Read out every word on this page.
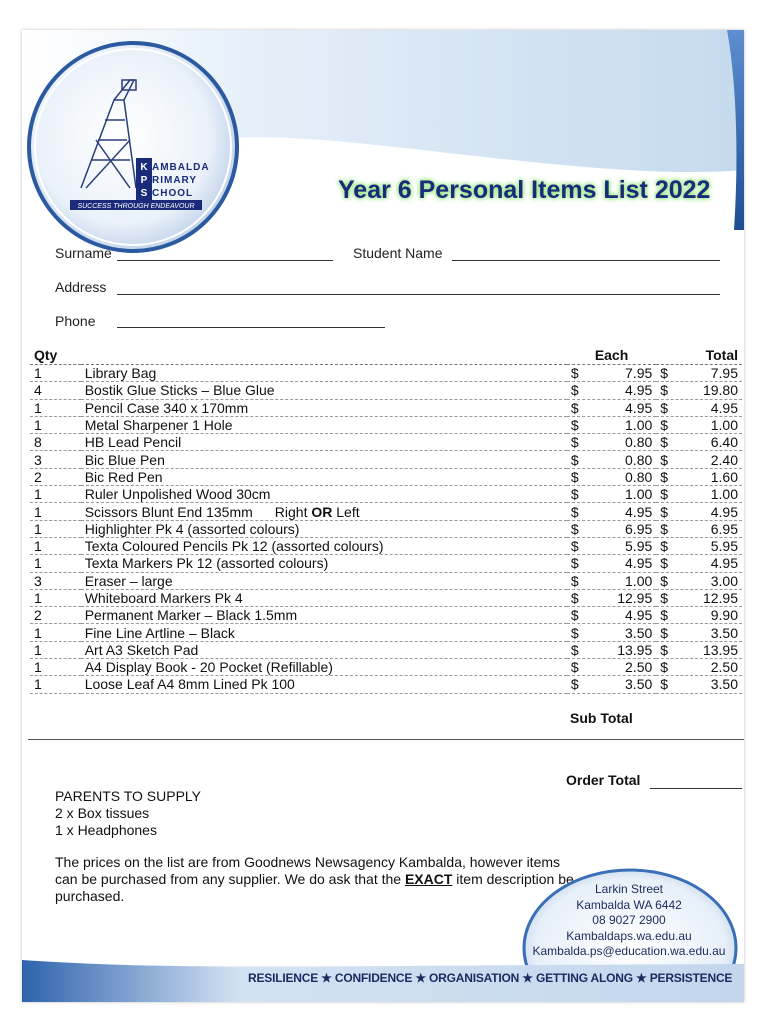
K
P
S
AMBALDA
RIMARY
CHOOL
SUCCESS THROUGH ENDEAVOUR
Year 6 Personal Items List 2022
Surname	Student Name
Address
Phone
Qty		Each	Total
1	Library Bag	$ 7.95	$ 7.95

4	Bostik Glue Sticks – Blue Glue	$ 4.95	$ 19.80

1	Pencil Case 340 x 170mm	$ 4.95	$ 4.95

1	Metal Sharpener 1 Hole	$ 1.00	$ 1.00

8	HB Lead Pencil	$ 0.80	$ 6.40

3	Bic Blue Pen	$ 0.80	$ 2.40

2	Bic Red Pen	$ 0.80	$ 1.60

1	Ruler Unpolished Wood 30cm	$ 1.00	$ 1.00

1	Scissors Blunt End 135mm Right OR Left	$ 4.95	$ 4.95

1	Highlighter Pk 4 (assorted colours)	$ 6.95	$ 6.95

1	Texta Coloured Pencils Pk 12 (assorted colours)	$ 5.95	$ 5.95

1	Texta Markers Pk 12 (assorted colours)	$ 4.95	$ 4.95

3	Eraser – large	$ 1.00	$ 3.00

1	Whiteboard Markers Pk 4	$ 12.95	$ 12.95

2	Permanent Marker – Black 1.5mm	$ 4.95	$ 9.90

1	Fine Line Artline – Black	$ 3.50	$ 3.50

1	Art A3 Sketch Pad	$ 13.95	$ 13.95

1	A4 Display Book - 20 Pocket (Refillable)	$ 2.50	$ 2.50

1	Loose Leaf A4 8mm Lined Pk 100	$ 3.50	$ 3.50
Sub Total
Order Total
PARENTS TO SUPPLY
2 x Box tissues
1 x Headphones
The prices on the list are from Goodnews Newsagency Kambalda, however items can be purchased from any supplier. We do ask that the EXACT item description be purchased.	Larkin Street
Kambalda WA 6442
08 9027 2900
Kambaldaps.wa.edu.au
Kambalda.ps@education.wa.edu.au
RESILIENCE ★ CONFIDENCE ★ ORGANISATION ★ GETTING ALONG ★ PERSISTENCE
